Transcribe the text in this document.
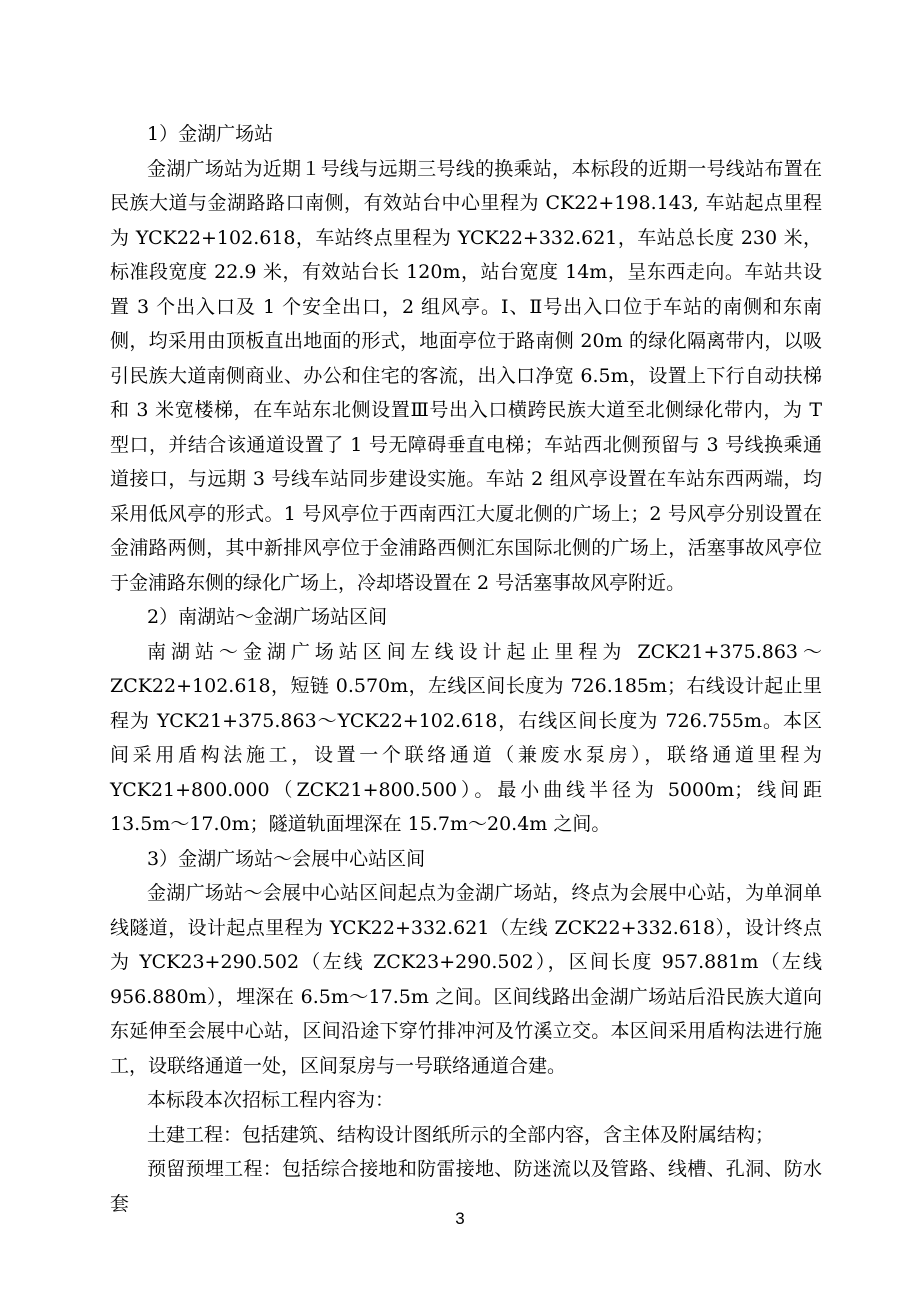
1）金湖广场站

金湖广场站为近期１号线与远期三号线的换乘站，本标段的近期一号线站布置在民族大道与金湖路路口南侧，有效站台中心里程为 CK22+198.143, 车站起点里程为 YCK22+102.618，车站终点里程为 YCK22+332.621，车站总长度 230 米，标准段宽度 22.9 米，有效站台长 120m，站台宽度 14m，呈东西走向。车站共设置 3 个出入口及 1 个安全出口，2 组风亭。Ⅰ、Ⅱ号出入口位于车站的南侧和东南侧，均采用由顶板直出地面的形式，地面亭位于路南侧 20m 的绿化隔离带内，以吸引民族大道南侧商业、办公和住宅的客流，出入口净宽 6.5m，设置上下行自动扶梯和 3 米宽楼梯，在车站东北侧设置Ⅲ号出入口横跨民族大道至北侧绿化带内，为 T 型口，并结合该通道设置了 1 号无障碍垂直电梯；车站西北侧预留与 3 号线换乘通道接口，与远期 3 号线车站同步建设实施。车站 2 组风亭设置在车站东西两端，均采用低风亭的形式。1 号风亭位于西南西江大厦北侧的广场上；2 号风亭分别设置在金浦路两侧，其中新排风亭位于金浦路西侧汇东国际北侧的广场上，活塞事故风亭位于金浦路东侧的绿化广场上，冷却塔设置在 2 号活塞事故风亭附近。

2）南湖站～金湖广场站区间

南湖站～金湖广场站区间左线设计起止里程为 ZCK21+375.863～ZCK22+102.618，短链 0.570m，左线区间长度为 726.185m；右线设计起止里程为 YCK21+375.863～YCK22+102.618，右线区间长度为 726.755m。本区间采用盾构法施工，设置一个联络通道（兼废水泵房），联络通道里程为 YCK21+800.000（ZCK21+800.500）。最小曲线半径为 5000m；线间距 13.5m～17.0m；隧道轨面埋深在 15.7m～20.4m 之间。

3）金湖广场站～会展中心站区间

金湖广场站～会展中心站区间起点为金湖广场站，终点为会展中心站，为单洞单线隧道，设计起点里程为 YCK22+332.621（左线 ZCK22+332.618），设计终点为 YCK23+290.502（左线 ZCK23+290.502），区间长度 957.881m（左线 956.880m），埋深在 6.5m～17.5m 之间。区间线路出金湖广场站后沿民族大道向东延伸至会展中心站，区间沿途下穿竹排冲河及竹溪立交。本区间采用盾构法进行施工，设联络通道一处，区间泵房与一号联络通道合建。

本标段本次招标工程内容为：

土建工程：包括建筑、结构设计图纸所示的全部内容，含主体及附属结构；

预留预埋工程：包括综合接地和防雷接地、防迷流以及管路、线槽、孔洞、防水套

3
